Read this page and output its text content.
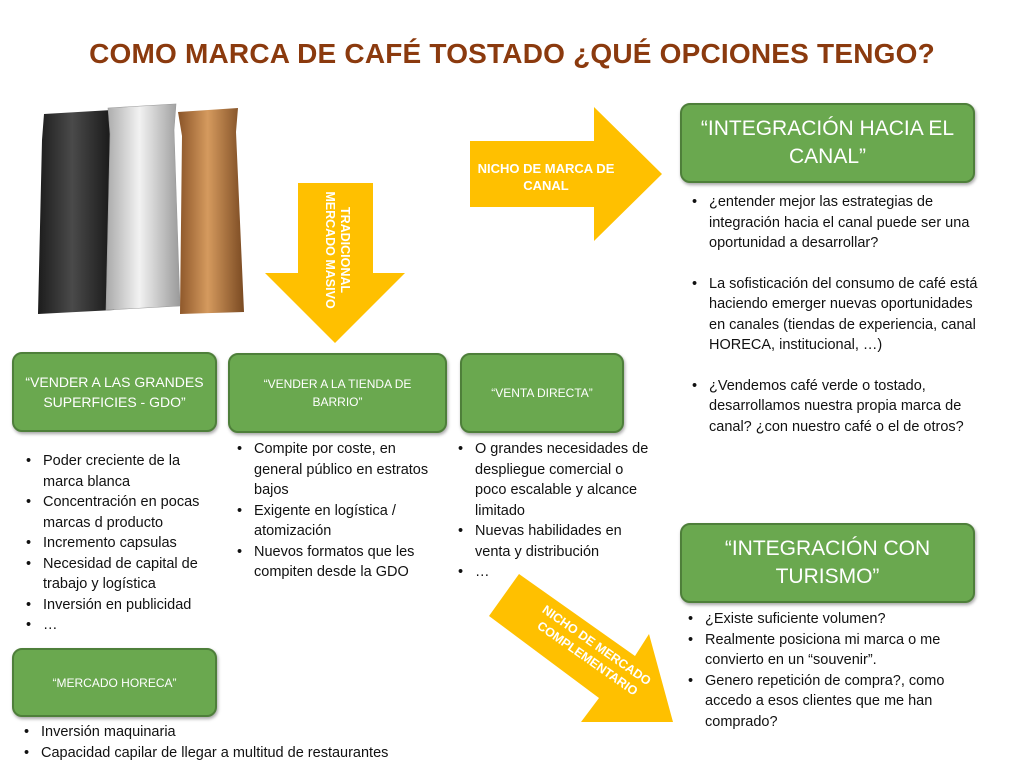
COMO MARCA DE CAFÉ TOSTADO ¿QUÉ OPCIONES TENGO?
NICHO DE MARCA DE CANAL
TRADICIONAL MERCADO MASIVO
NICHO DE MERCADO COMPLEMENTARIO
“VENDER A LAS GRANDES SUPERFICIES - GDO”
“VENDER A LA TIENDA DE BARRIO”
“VENTA DIRECTA”
“MERCADO HORECA”
“INTEGRACIÓN HACIA EL CANAL”
“INTEGRACIÓN CON TURISMO”
• Poder creciente de la marca blanca
• Concentración en pocas marcas d producto
• Incremento capsulas
• Necesidad de capital de trabajo y logística
• Inversión en publicidad
• …
• Compite por coste, en general público en estratos bajos
• Exigente en logística / atomización
• Nuevos formatos que les compiten desde la GDO
• O grandes necesidades de despliegue comercial o poco escalable y alcance limitado
• Nuevas habilidades en venta y distribución
• …
• Inversión maquinaria
• Capacidad capilar de llegar a multitud de restaurantes
• ¿entender mejor las estrategias de integración hacia el canal puede ser una oportunidad a desarrollar?
• La sofisticación del consumo de café está haciendo emerger nuevas oportunidades en canales (tiendas de experiencia, canal HORECA, institucional, …)
• ¿Vendemos café verde o tostado, desarrollamos nuestra propia marca de canal? ¿con nuestro café o el de otros?
• ¿Existe suficiente volumen?
• Realmente posiciona mi marca o me convierto en un “souvenir”.
• Genero repetición de compra?, como accedo a esos clientes que me han comprado?
